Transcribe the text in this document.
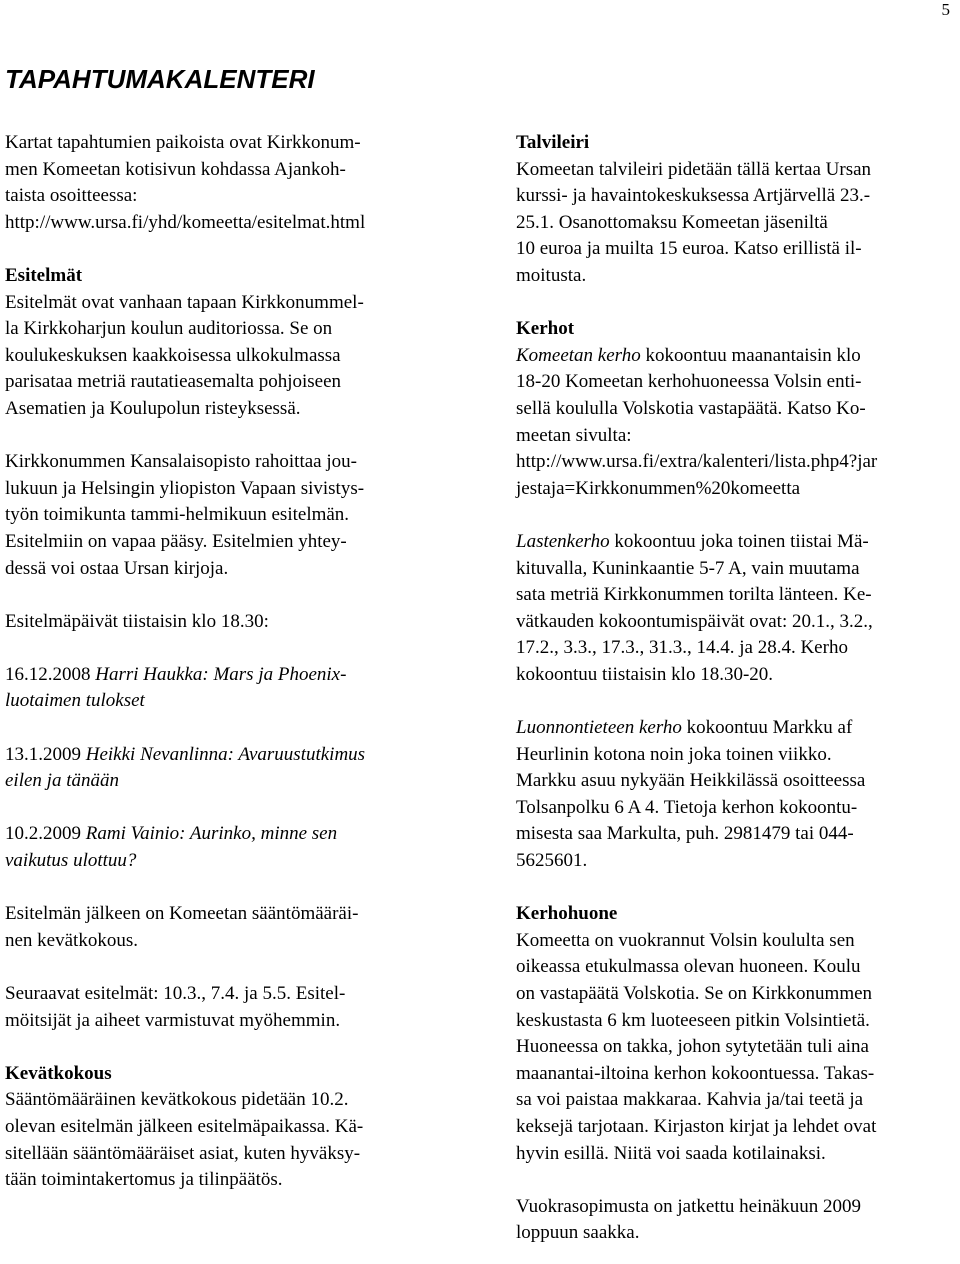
5
TAPAHTUMAKALENTERI
Kartat tapahtumien paikoista ovat Kirkkonum-
men Komeetan kotisivun kohdassa Ajankoh-
taista osoitteessa:
http://www.ursa.fi/yhd/komeetta/esitelmat.html
Esitelmät
Esitelmät ovat vanhaan tapaan Kirkkonummel-
la Kirkkoharjun koulun auditoriossa. Se on
koulukeskuksen kaakkoisessa ulkokulmassa
parisataa metriä rautatieasemalta pohjoiseen
Asematien ja Koulupolun risteyksessä.
Kirkkonummen Kansalaisopisto rahoittaa jou-
lukuun ja Helsingin yliopiston Vapaan sivistys-
työn toimikunta tammi-helmikuun esitelmän.
Esitelmiin on vapaa pääsy. Esitelmien yhtey-
dessä voi ostaa Ursan kirjoja.
Esitelmäpäivät tiistaisin klo 18.30:
16.12.2008 Harri Haukka: Mars ja Phoenix-
luotaimen tulokset
13.1.2009 Heikki Nevanlinna: Avaruustutkimus
eilen ja tänään
10.2.2009 Rami Vainio: Aurinko, minne sen
vaikutus ulottuu?
Esitelmän jälkeen on Komeetan sääntömääräi-
nen kevätkokous.
Seuraavat esitelmät: 10.3., 7.4. ja 5.5. Esitel-
möitsijät ja aiheet varmistuvat myöhemmin.
Kevätkokous
Sääntömääräinen kevätkokous pidetään 10.2.
olevan esitelmän jälkeen esitelmäpaikassa. Kä-
sitellään sääntömääräiset asiat, kuten hyväksy-
tään toimintakertomus ja tilinpäätös.
Talvileiri
Komeetan talvileiri pidetään tällä kertaa Ursan
kurssi- ja havaintokeskuksessa Artjärvellä 23.-
25.1. Osanottomaksu Komeetan jäseniltä
10 euroa ja muilta 15 euroa. Katso erillistä il-
moitusta.
Kerhot
Komeetan kerho kokoontuu maanantaisin klo
18-20 Komeetan kerhohuoneessa Volsin enti-
sellä koululla Volskotia vastapäätä. Katso Ko-
meetan sivulta:
http://www.ursa.fi/extra/kalenteri/lista.php4?jar
jestaja=Kirkkonummen%20komeetta
Lastenkerho kokoontuu joka toinen tiistai Mä-
kituvalla, Kuninkaantie 5-7 A, vain muutama
sata metriä Kirkkonummen torilta länteen. Ke-
vätkauden kokoontumispäivät ovat: 20.1., 3.2.,
17.2., 3.3., 17.3., 31.3., 14.4. ja 28.4. Kerho
kokoontuu tiistaisin klo 18.30-20.
Luonnontieteen kerho kokoontuu Markku af
Heurlinin kotona noin joka toinen viikko.
Markku asuu nykyään Heikkilässä osoitteessa
Tolsanpolku 6 A 4. Tietoja kerhon kokoontu-
misesta saa Markulta, puh. 2981479 tai 044-
5625601.
Kerhohuone
Komeetta on vuokrannut Volsin koululta sen
oikeassa etukulmassa olevan huoneen. Koulu
on vastapäätä Volskotia. Se on Kirkkonummen
keskustasta 6 km luoteeseen pitkin Volsintietä.
Huoneessa on takka, johon sytytetään tuli aina
maanantai-iltoina kerhon kokoontuessa. Takas-
sa voi paistaa makkaraa. Kahvia ja/tai teetä ja
keksejä tarjotaan. Kirjaston kirjat ja lehdet ovat
hyvin esillä. Niitä voi saada kotilainaksi.
Vuokrasopimusta on jatkettu heinäkuun 2009
loppuun saakka.
